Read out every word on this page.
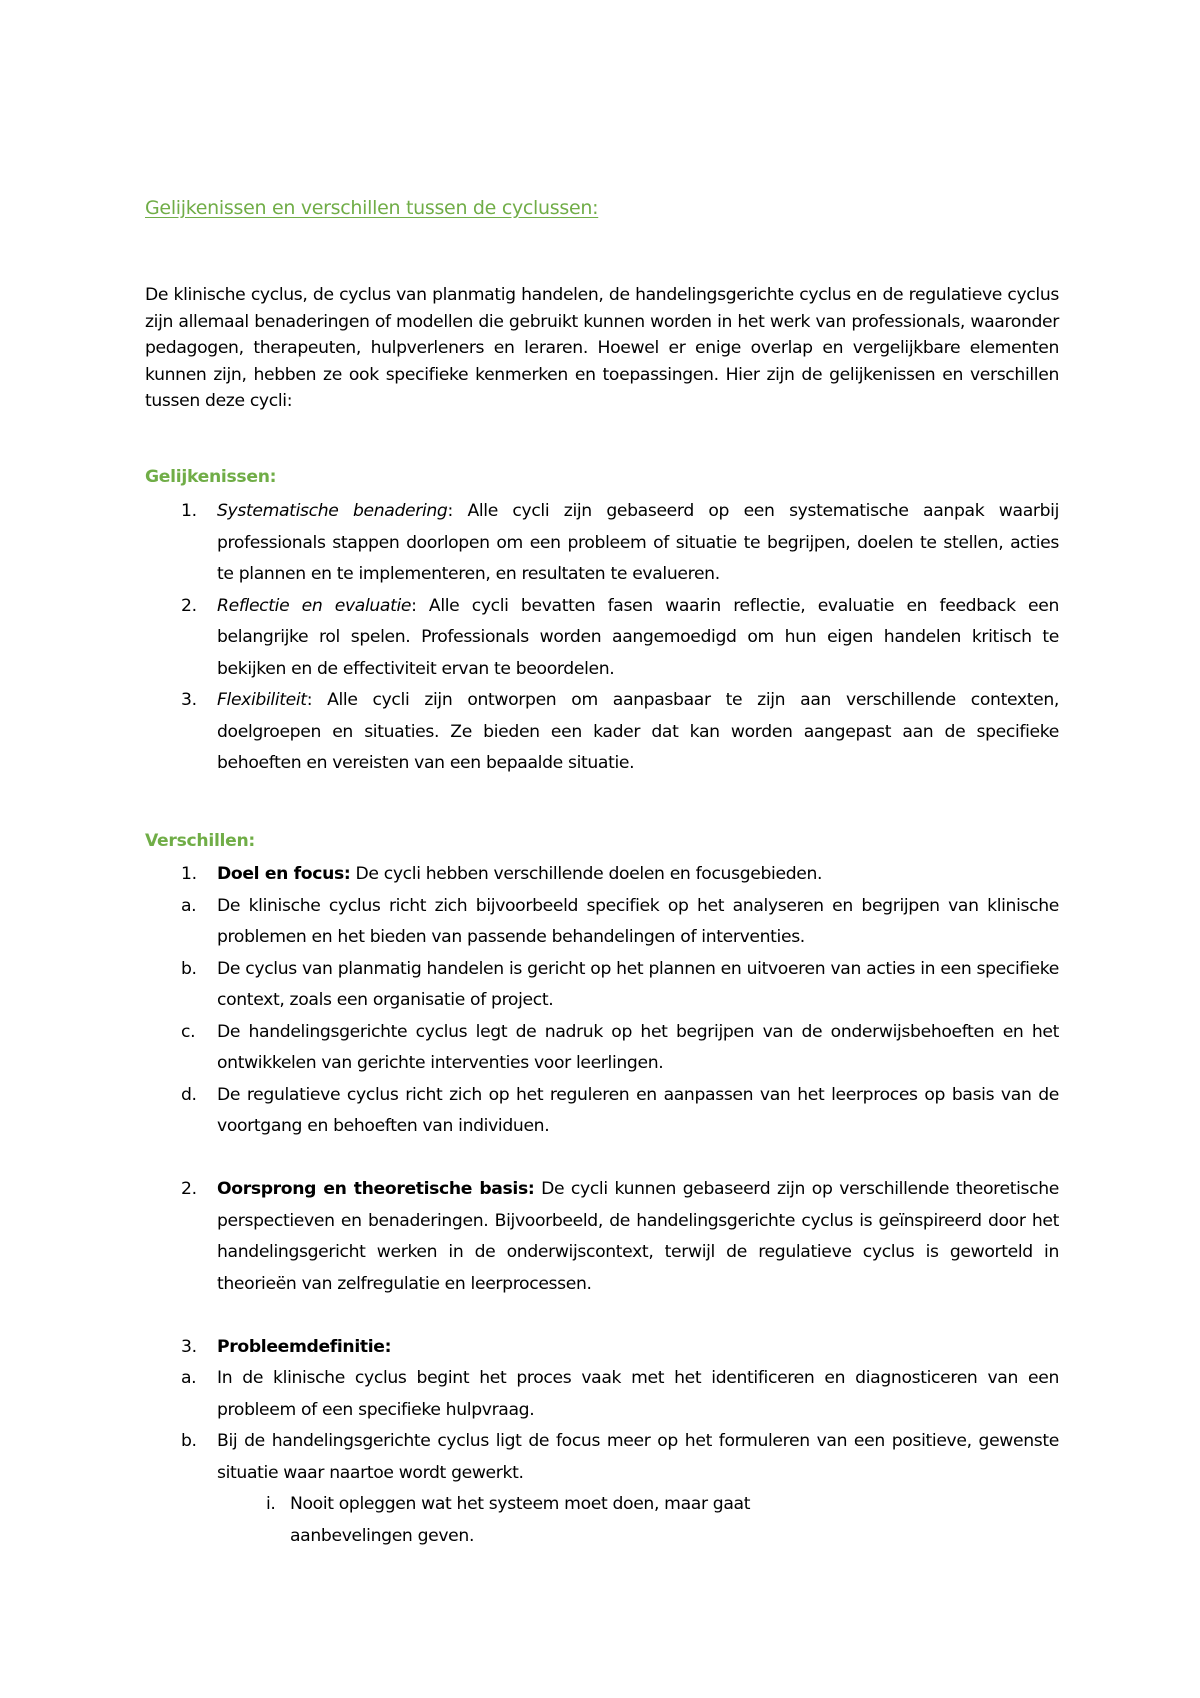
Gelijkenissen en verschillen tussen de cyclussen:

De klinische cyclus, de cyclus van planmatig handelen, de handelingsgerichte cyclus en de regulatieve cyclus zijn allemaal benaderingen of modellen die gebruikt kunnen worden in het werk van professionals, waaronder pedagogen, therapeuten, hulpverleners en leraren. Hoewel er enige overlap en vergelijkbare elementen kunnen zijn, hebben ze ook specifieke kenmerken en toepassingen. Hier zijn de gelijkenissen en verschillen tussen deze cycli:

Gelijkenissen:
1. Systematische benadering: Alle cycli zijn gebaseerd op een systematische aanpak waarbij professionals stappen doorlopen om een probleem of situatie te begrijpen, doelen te stellen, acties te plannen en te implementeren, en resultaten te evalueren.
2. Reflectie en evaluatie: Alle cycli bevatten fasen waarin reflectie, evaluatie en feedback een belangrijke rol spelen. Professionals worden aangemoedigd om hun eigen handelen kritisch te bekijken en de effectiviteit ervan te beoordelen.
3. Flexibiliteit: Alle cycli zijn ontworpen om aanpasbaar te zijn aan verschillende contexten, doelgroepen en situaties. Ze bieden een kader dat kan worden aangepast aan de specifieke behoeften en vereisten van een bepaalde situatie.
Verschillen:
1. Doel en focus: De cycli hebben verschillende doelen en focusgebieden.
a. De klinische cyclus richt zich bijvoorbeeld specifiek op het analyseren en begrijpen van klinische problemen en het bieden van passende behandelingen of interventies.
b. De cyclus van planmatig handelen is gericht op het plannen en uitvoeren van acties in een specifieke context, zoals een organisatie of project.
c. De handelingsgerichte cyclus legt de nadruk op het begrijpen van de onderwijsbehoeften en het ontwikkelen van gerichte interventies voor leerlingen.
d. De regulatieve cyclus richt zich op het reguleren en aanpassen van het leerproces op basis van de voortgang en behoeften van individuen.
2. Oorsprong en theoretische basis: De cycli kunnen gebaseerd zijn op verschillende theoretische perspectieven en benaderingen. Bijvoorbeeld, de handelingsgerichte cyclus is geïnspireerd door het handelingsgericht werken in de onderwijscontext, terwijl de regulatieve cyclus is geworteld in theorieën van zelfregulatie en leerprocessen.
3. Probleemdefinitie:
a. In de klinische cyclus begint het proces vaak met het identificeren en diagnosticeren van een probleem of een specifieke hulpvraag.
b. Bij de handelingsgerichte cyclus ligt de focus meer op het formuleren van een positieve, gewenste situatie waar naartoe wordt gewerkt.
i. Nooit opleggen wat het systeem moet doen, maar gaat aanbevelingen geven.
